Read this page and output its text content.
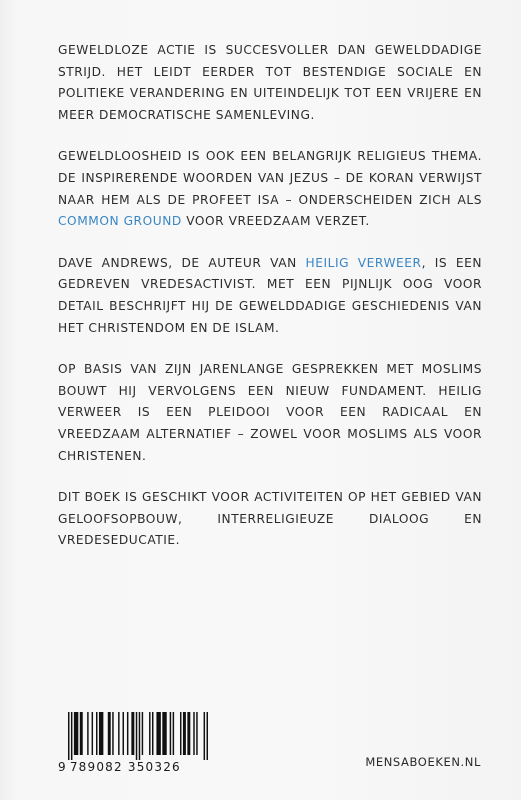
GEWELDLOZE ACTIE IS SUCCESVOLLER DAN GEWELDDADIGE STRIJD. HET LEIDT EERDER TOT BESTENDIGE SOCIALE EN POLITIEKE VERANDERING EN UITEINDELIJK TOT EEN VRIJERE EN MEER DEMOCRATISCHE SAMENLEVING.

GEWELDLOOSHEID IS OOK EEN BELANGRIJK RELIGIEUS THEMA. DE INSPIRERENDE WOORDEN VAN JEZUS – DE KORAN VERWIJST NAAR HEM ALS DE PROFEET ISA – ONDERSCHEIDEN ZICH ALS COMMON GROUND VOOR VREEDZAAM VERZET.

DAVE ANDREWS, DE AUTEUR VAN HEILIG VERWEER, IS EEN GEDREVEN VREDESACTIVIST. MET EEN PIJNLIJK OOG VOOR DETAIL BESCHRIJFT HIJ DE GEWELDDADIGE GESCHIEDENIS VAN HET CHRISTENDOM EN DE ISLAM.

OP BASIS VAN ZIJN JARENLANGE GESPREKKEN MET MOSLIMS BOUWT HIJ VERVOLGENS EEN NIEUW FUNDAMENT. HEILIG VERWEER IS EEN PLEIDOOI VOOR EEN RADICAAL EN VREEDZAAM ALTERNATIEF – ZOWEL VOOR MOSLIMS ALS VOOR CHRISTENEN.

DIT BOEK IS GESCHIKT VOOR ACTIVITEITEN OP HET GEBIED VAN GELOOFSOPBOUW, INTERRELIGIEUZE DIALOOG EN VREDESEDUCATIE.

9 789082 350326	MENSABOEKEN.NL
